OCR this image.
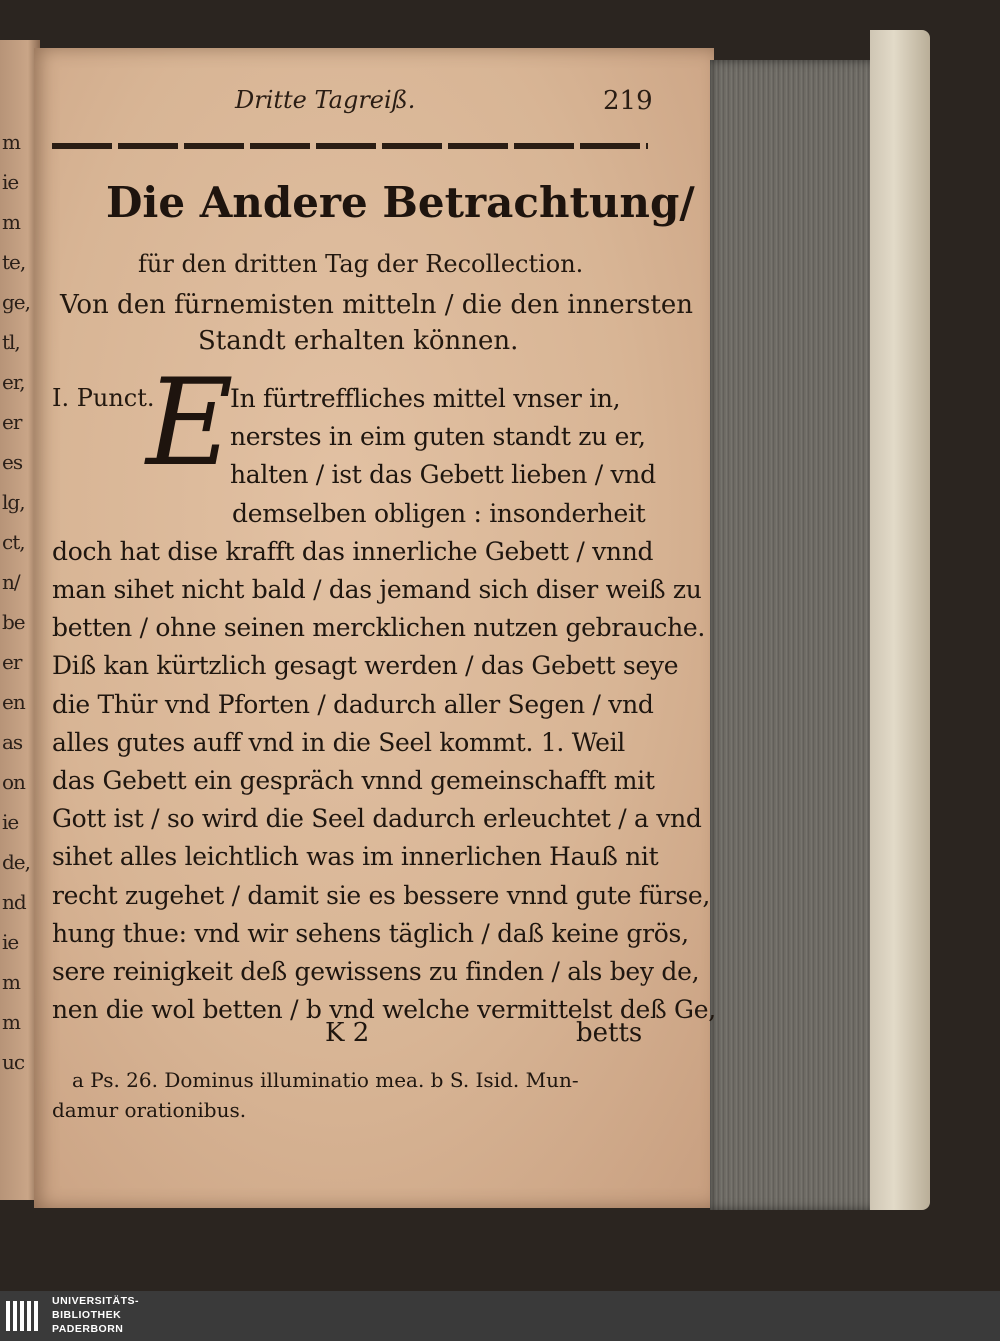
m
ie
m
te,
ge,
tl,
er,
er
es
lg,
ct,
n/
be
er
en
as
on
ie
de,
nd
ie
m
m
uc
Dritte Tagreiß.	219
Die Andere Betrachtung/
für den dritten Tag der Recollection.
Von den fürnemisten mitteln / die den innersten
Standt erhalten können.
I. Punct.
E
In fürtreffliches mittel vnser in,
nerstes in eim guten standt zu er,
halten / ist das Gebett lieben / vnd
demselben obligen : insonderheit
doch hat dise krafft das innerliche Gebett / vnnd
man sihet nicht bald / das jemand sich diser weiß zu
betten / ohne seinen mercklichen nutzen gebrauche.
Diß kan kürtzlich gesagt werden / das Gebett seye
die Thür vnd Pforten / dadurch aller Segen / vnd
alles gutes auff vnd in die Seel kommt. 1. Weil
das Gebett ein gespräch vnnd gemeinschafft mit
Gott ist / so wird die Seel dadurch erleuchtet / a vnd
sihet alles leichtlich was im innerlichen Hauß nit
recht zugehet / damit sie es bessere vnnd gute fürse,
hung thue: vnd wir sehens täglich / daß keine grös,
sere reinigkeit deß gewissens zu finden / als bey de,
nen die wol betten / b vnd welche vermittelst deß Ge,
K 2	betts
a Ps. 26. Dominus illuminatio mea. b S. Isid. Mun-
damur orationibus.
UNIVERSITÄTS-
BIBLIOTHEK
PADERBORN
